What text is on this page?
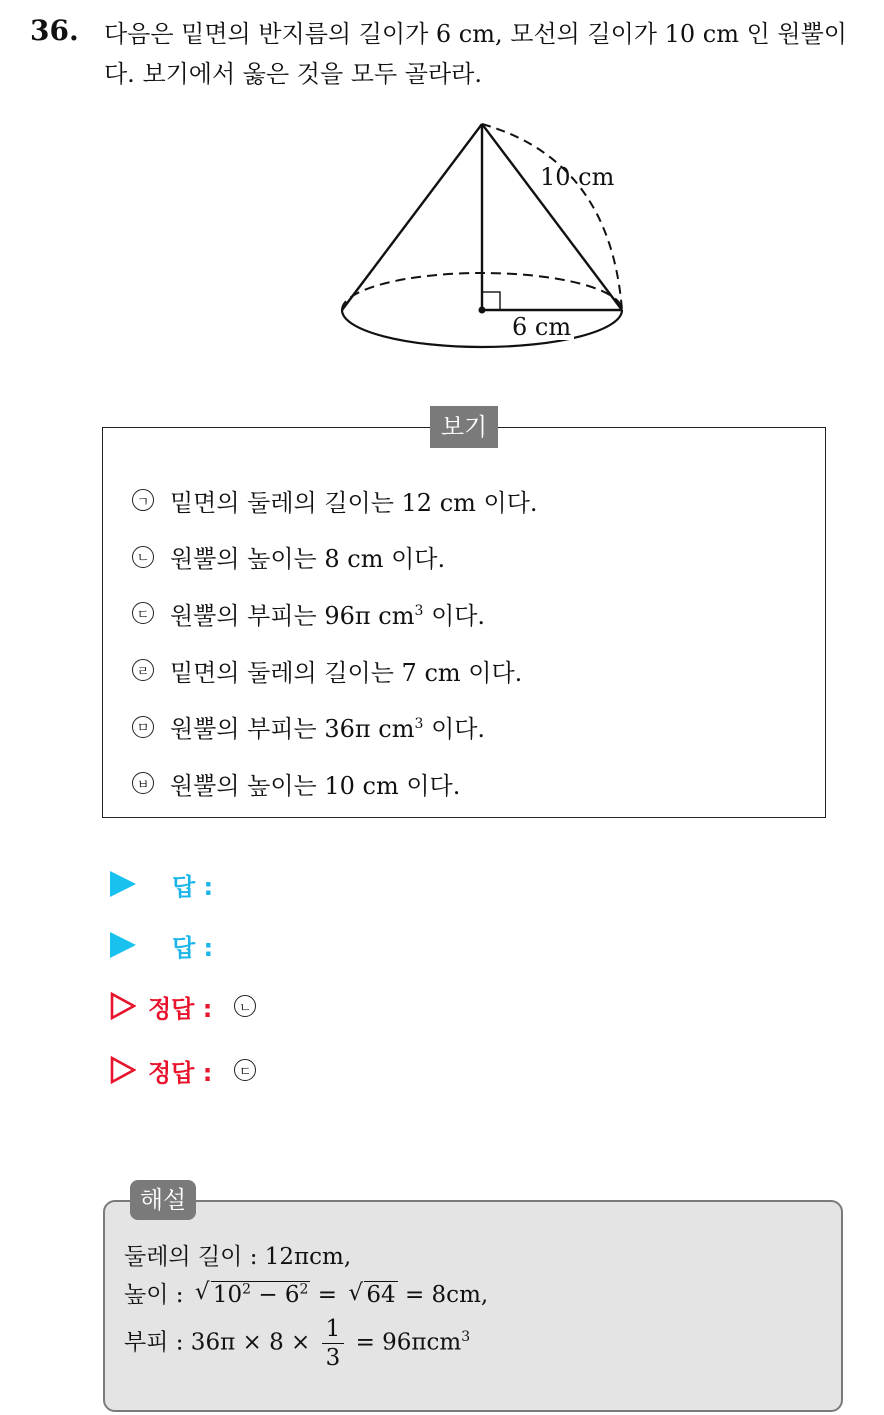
36. 다음은 밑면의 반지름의 길이가 6 cm, 모선의 길이가 10 cm 인 원뿔이
다. 보기에서 옳은 것을 모두 골라라.
10 cm
6 cm
보기
ㄱ 밑면의 둘레의 길이는 12 cm 이다.
ㄴ 원뿔의 높이는 8 cm 이다.
ㄷ 원뿔의 부피는 96π $cm^3$ 이다.
ㄹ 밑면의 둘레의 길이는 7 cm 이다.
ㅁ 원뿔의 부피는 36π $cm^3$ 이다.
ㅂ 원뿔의 높이는 10 cm 이다.
답 :
답 :
정답 :	ㄴ
정답 :	ㄷ
해설
둘레의 길이 : 12πcm,
높이 : √ $10^2 - 6^2$ = √ 64 = 8cm,
부피 : $36\pi \times 8 \times \frac{1}{3} = 96\pi cm^3$
